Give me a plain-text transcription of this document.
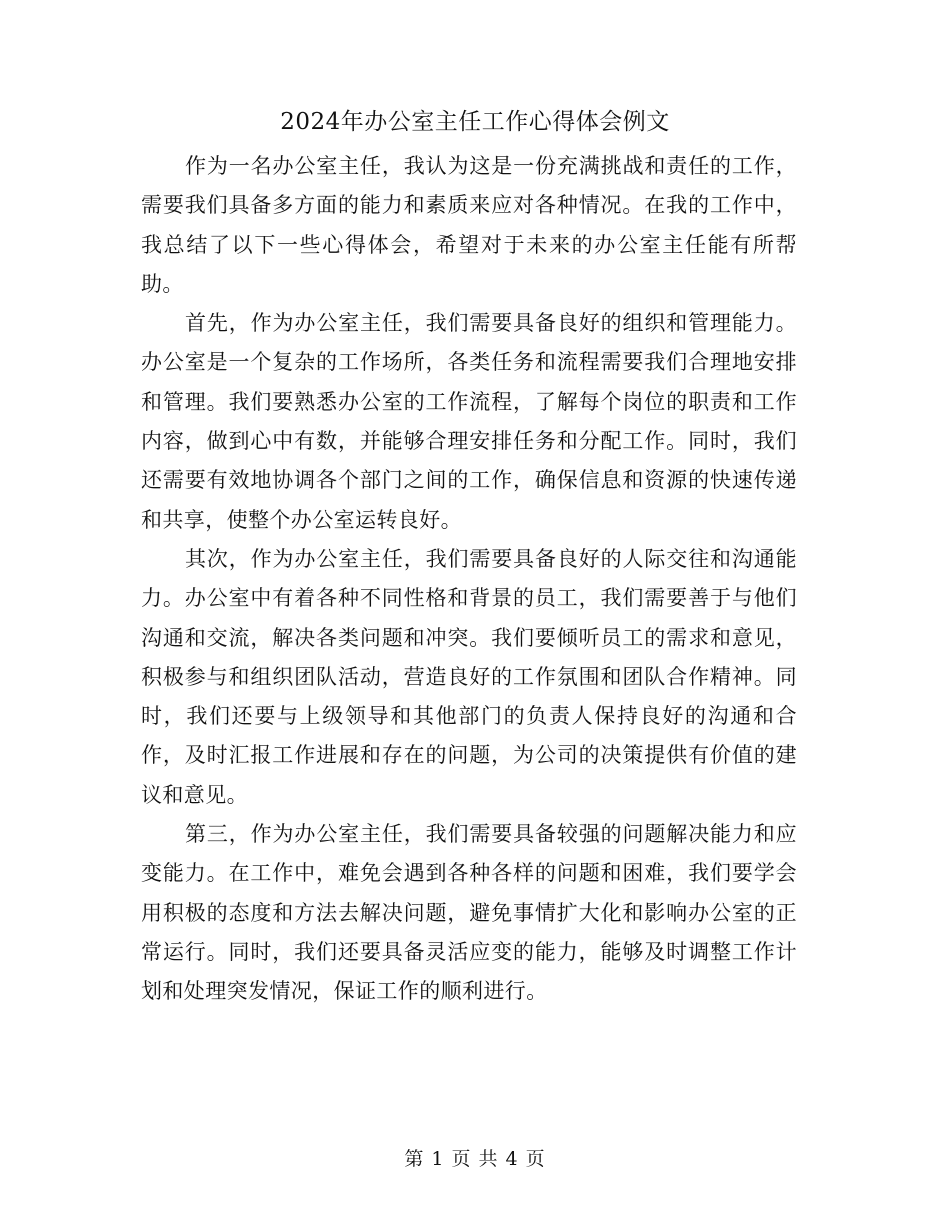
2024年办公室主任工作心得体会例文

作为一名办公室主任，我认为这是一份充满挑战和责任的工作，需要我们具备多方面的能力和素质来应对各种情况。在我的工作中，我总结了以下一些心得体会，希望对于未来的办公室主任能有所帮助。

首先，作为办公室主任，我们需要具备良好的组织和管理能力。办公室是一个复杂的工作场所，各类任务和流程需要我们合理地安排和管理。我们要熟悉办公室的工作流程，了解每个岗位的职责和工作内容，做到心中有数，并能够合理安排任务和分配工作。同时，我们还需要有效地协调各个部门之间的工作，确保信息和资源的快速传递和共享，使整个办公室运转良好。

其次，作为办公室主任，我们需要具备良好的人际交往和沟通能力。办公室中有着各种不同性格和背景的员工，我们需要善于与他们沟通和交流，解决各类问题和冲突。我们要倾听员工的需求和意见，积极参与和组织团队活动，营造良好的工作氛围和团队合作精神。同时，我们还要与上级领导和其他部门的负责人保持良好的沟通和合作，及时汇报工作进展和存在的问题，为公司的决策提供有价值的建议和意见。

第三，作为办公室主任，我们需要具备较强的问题解决能力和应变能力。在工作中，难免会遇到各种各样的问题和困难，我们要学会用积极的态度和方法去解决问题，避免事情扩大化和影响办公室的正常运行。同时，我们还要具备灵活应变的能力，能够及时调整工作计划和处理突发情况，保证工作的顺利进行。

第 1 页 共 4 页
